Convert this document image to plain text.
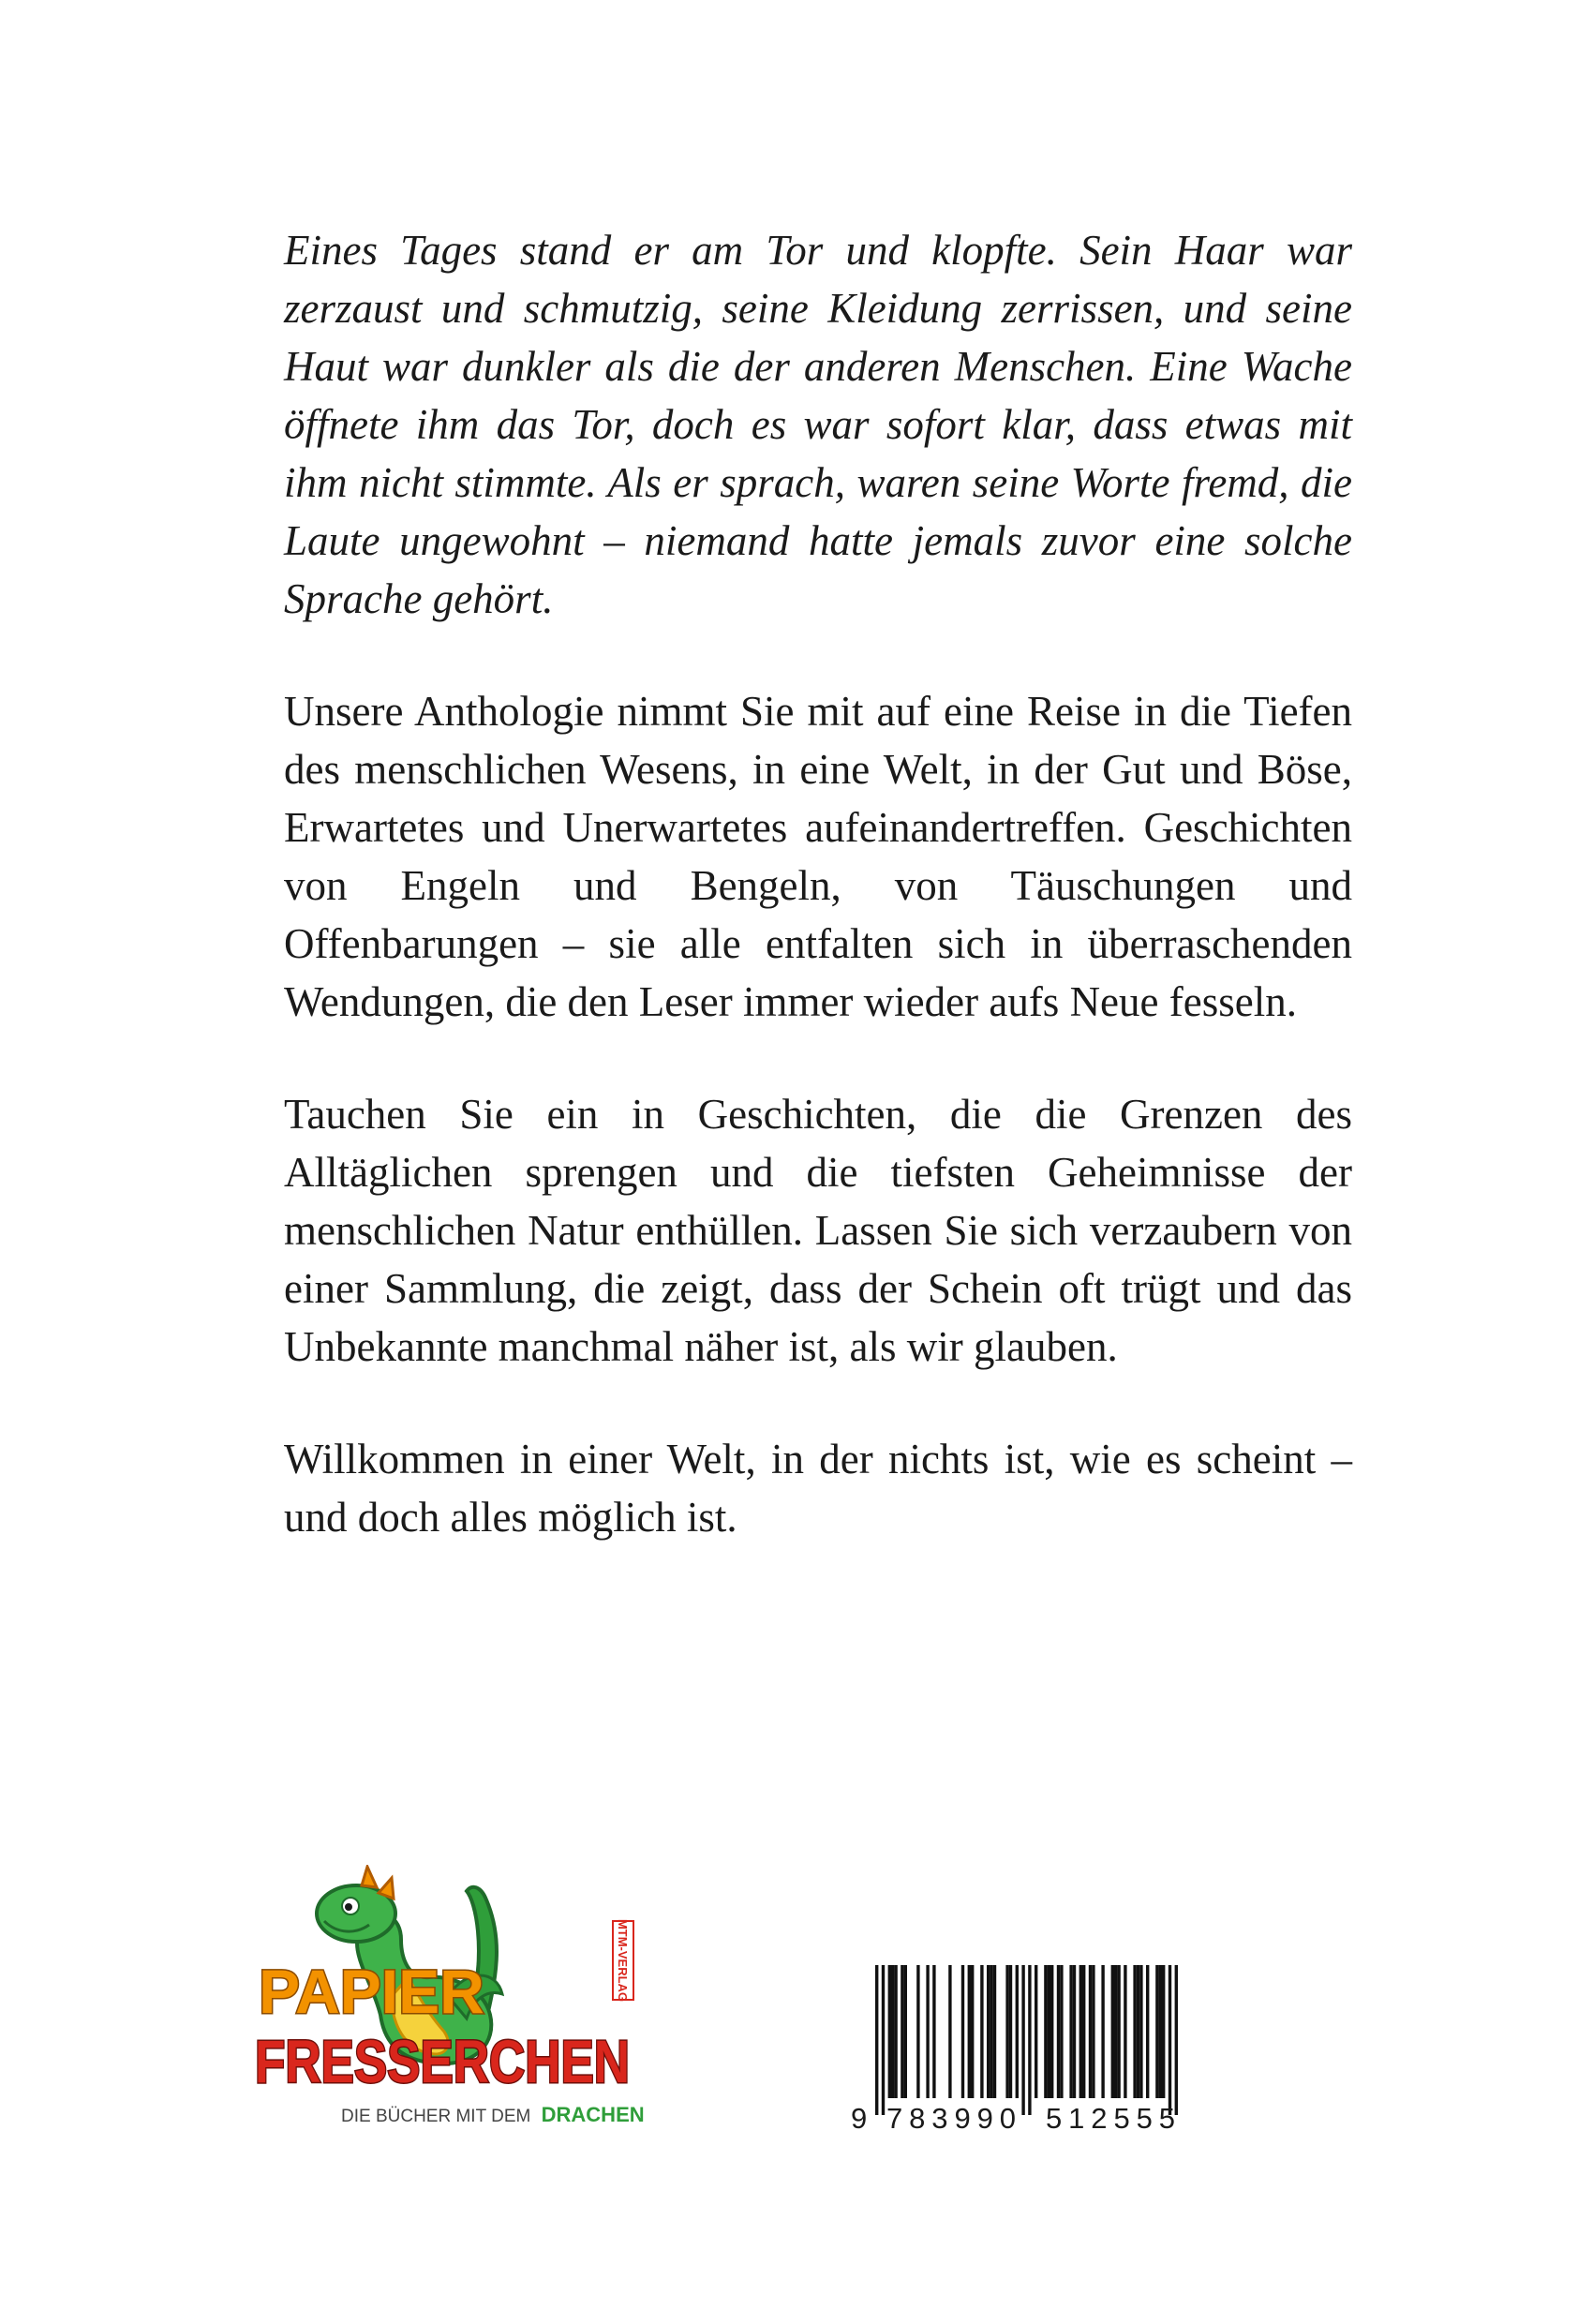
Eines Tages stand er am Tor und klopfte. Sein Haar war zerzaust und schmutzig, seine Kleidung zerrissen, und seine Haut war dunkler als die der anderen Menschen. Eine Wache öffnete ihm das Tor, doch es war sofort klar, dass etwas mit ihm nicht stimmte. Als er sprach, waren seine Worte fremd, die Laute ungewohnt – niemand hatte jemals zuvor eine solche Sprache gehört.

Unsere Anthologie nimmt Sie mit auf eine Reise in die Tiefen des menschlichen Wesens, in eine Welt, in der Gut und Böse, Erwartetes und Unerwartetes aufeinandertreffen. Geschichten von Engeln und Bengeln, von Täuschungen und Offenbarungen – sie alle entfalten sich in überraschenden Wendungen, die den Leser immer wieder aufs Neue fesseln.

Tauchen Sie ein in Geschichten, die die Grenzen des Alltäglichen sprengen und die tiefsten Geheimnisse der menschlichen Natur enthüllen. Lassen Sie sich verzaubern von einer Sammlung, die zeigt, dass der Schein oft trügt und das Unbekannte manchmal näher ist, als wir glauben.

Willkommen in einer Welt, in der nichts ist, wie es scheint – und doch alles möglich ist.

MTM-VERLAG
PAPIER
FRESSERCHEN
DIE BÜCHER MIT DEM DRACHEN	9 783990 512555
